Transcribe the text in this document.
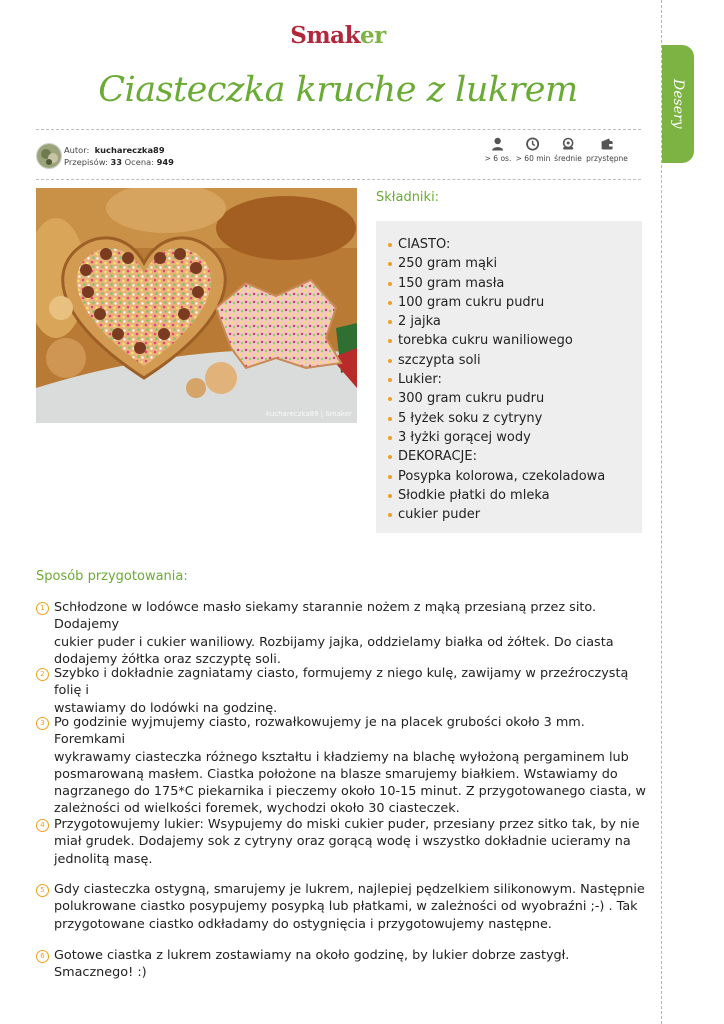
Desery
Smaker
Ciasteczka kruche z lukrem
Autor: kuchareczka89
Przepisów: 33 Ocena: 949	> 6 os. > 60 min średnie przystępne
kuchareczka89 | Smaker
Składniki:
CIASTO:
250 gram mąki
150 gram masła
100 gram cukru pudru
2 jajka
torebka cukru waniliowego
szczypta soli
Lukier:
300 gram cukru pudru
5 łyżek soku z cytryny
3 łyżki gorącej wody
DEKORACJE:
Posypka kolorowa, czekoladowa
Słodkie płatki do mleka
cukier puder
Sposób przygotowania:
1 Schłodzone w lodówce masło siekamy starannie nożem z mąką przesianą przez sito. Dodajemy
cukier puder i cukier waniliowy. Rozbijamy jajka, oddzielamy białka od żółtek. Do ciasta
dodajemy żółtka oraz szczyptę soli.
2 Szybko i dokładnie zagniatamy ciasto, formujemy z niego kulę, zawijamy w przeźroczystą folię i
wstawiamy do lodówki na godzinę.
3 Po godzinie wyjmujemy ciasto, rozwałkowujemy je na placek grubości około 3 mm. Foremkami
wykrawamy ciasteczka różnego kształtu i kładziemy na blachę wyłożoną pergaminem lub
posmarowaną masłem. Ciastka położone na blasze smarujemy białkiem. Wstawiamy do
nagrzanego do 175*C piekarnika i pieczemy około 10-15 minut. Z przygotowanego ciasta, w
zależności od wielkości foremek, wychodzi około 30 ciasteczek.
4 Przygotowujemy lukier: Wsypujemy do miski cukier puder, przesiany przez sitko tak, by nie
miał grudek. Dodajemy sok z cytryny oraz gorącą wodę i wszystko dokładnie ucieramy na
jednolitą masę.
5 Gdy ciasteczka ostygną, smarujemy je lukrem, najlepiej pędzelkiem silikonowym. Następnie
polukrowane ciastko posypujemy posypką lub płatkami, w zależności od wyobraźni ;-) . Tak
przygotowane ciastko odkładamy do ostygnięcia i przygotowujemy następne.
6 Gotowe ciastka z lukrem zostawiamy na około godzinę, by lukier dobrze zastygł. Smacznego! :)
